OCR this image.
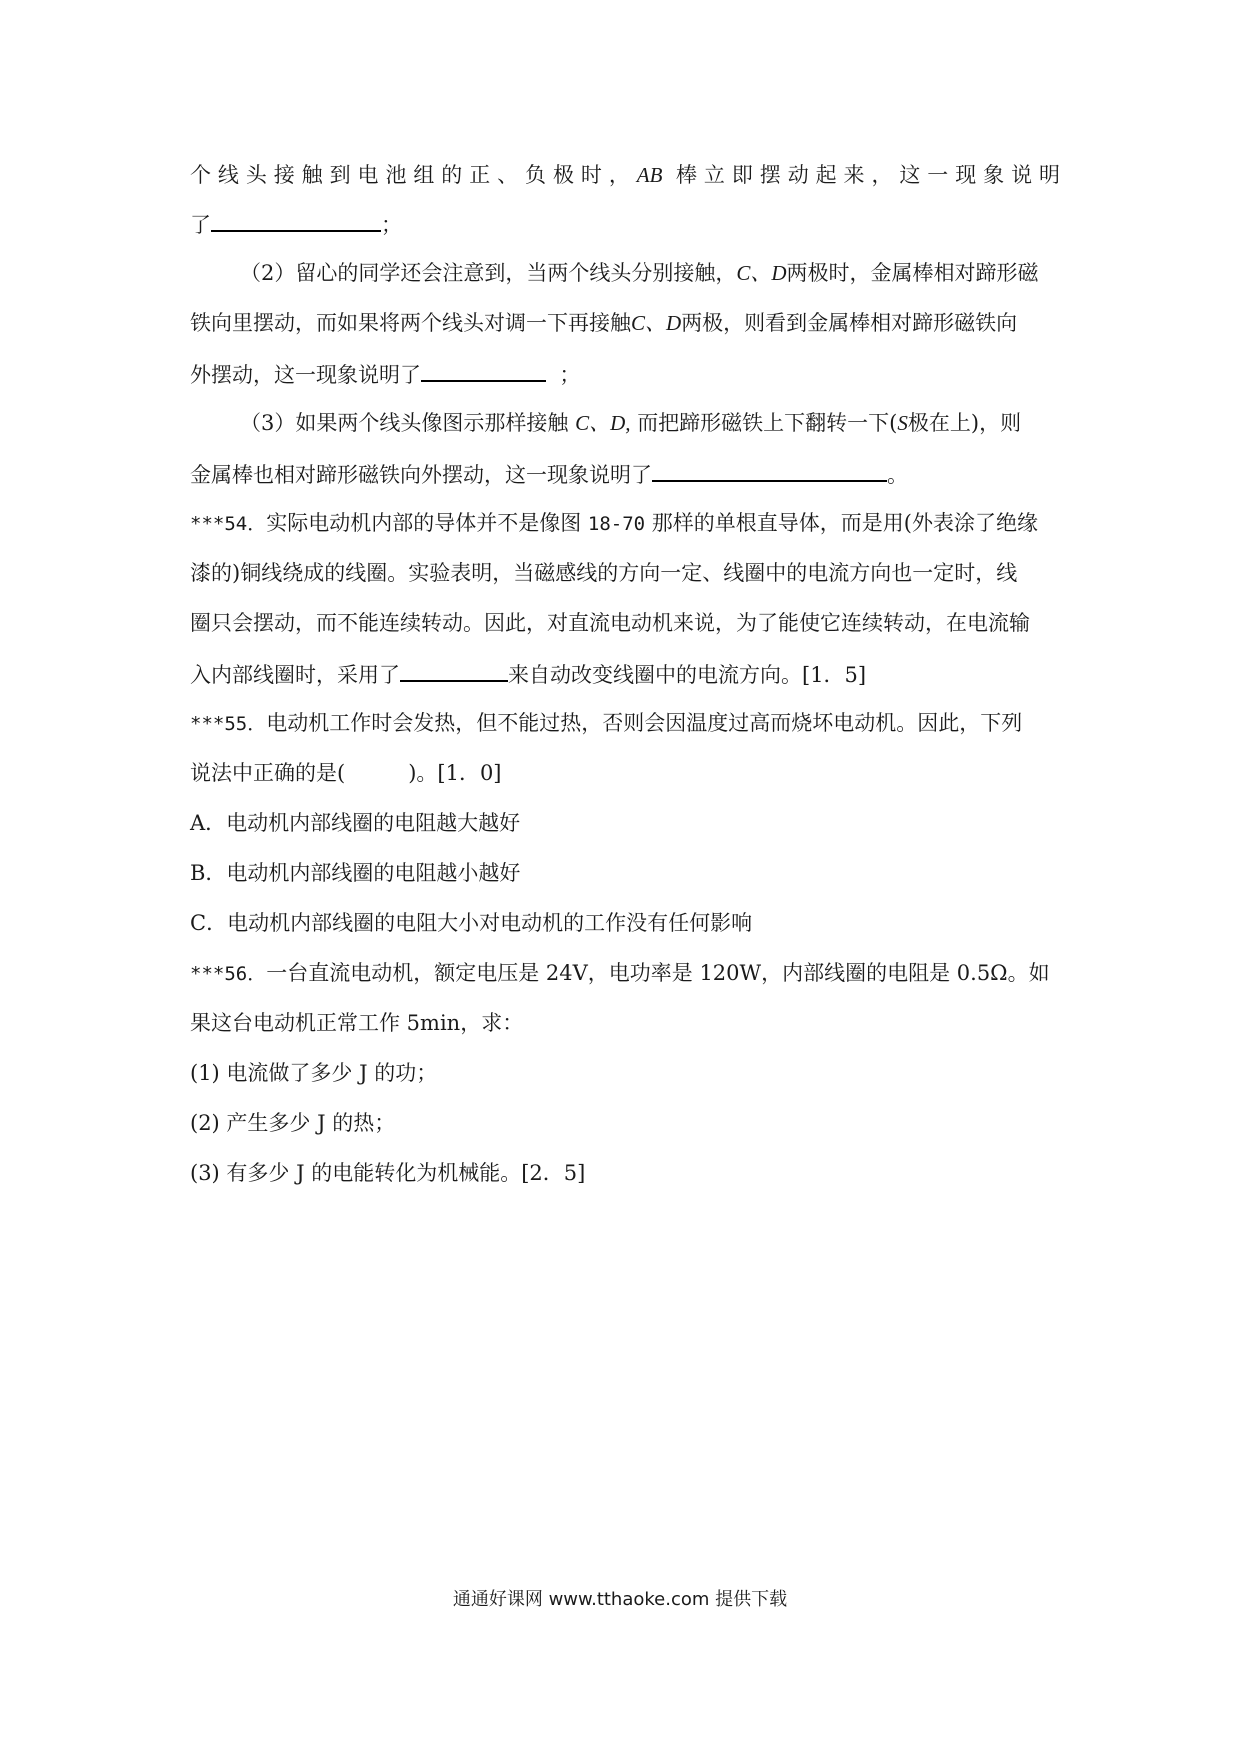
个线头接触到电池组的正、负极时，AB 棒立即摆动起来，这一现象说明
了	；
（2）留心的同学还会注意到，当两个线头分别接触，C、D两极时，金属棒相对蹄形磁
铁向里摆动，而如果将两个线头对调一下再接触C、D两极，则看到金属棒相对蹄形磁铁向
外摆动，这一现象说明了	；
（3）如果两个线头像图示那样接触 C、D, 而把蹄形磁铁上下翻转一下(S极在上)，则
金属棒也相对蹄形磁铁向外摆动，这一现象说明了	。
***54．实际电动机内部的导体并不是像图 18-70 那样的单根直导体，而是用(外表涂了绝缘
漆的)铜线绕成的线圈。实验表明，当磁感线的方向一定、线圈中的电流方向也一定时，线
圈只会摆动，而不能连续转动。因此，对直流电动机来说，为了能使它连续转动，在电流输
入内部线圈时，采用了	来自动改变线圈中的电流方向。[1．5]
***55．电动机工作时会发热，但不能过热，否则会因温度过高而烧坏电动机。因此，下列
说法中正确的是(　　　)。[1．0]
A．电动机内部线圈的电阻越大越好
B．电动机内部线圈的电阻越小越好
C．电动机内部线圈的电阻大小对电动机的工作没有任何影响
***56．一台直流电动机，额定电压是 24V，电功率是 120W，内部线圈的电阻是 0.5Ω。如
果这台电动机正常工作 5min，求：
(1) 电流做了多少 J 的功；
(2) 产生多少 J 的热；
(3) 有多少 J 的电能转化为机械能。[2．5]
通通好课网 www.tthaoke.com 提供下载
